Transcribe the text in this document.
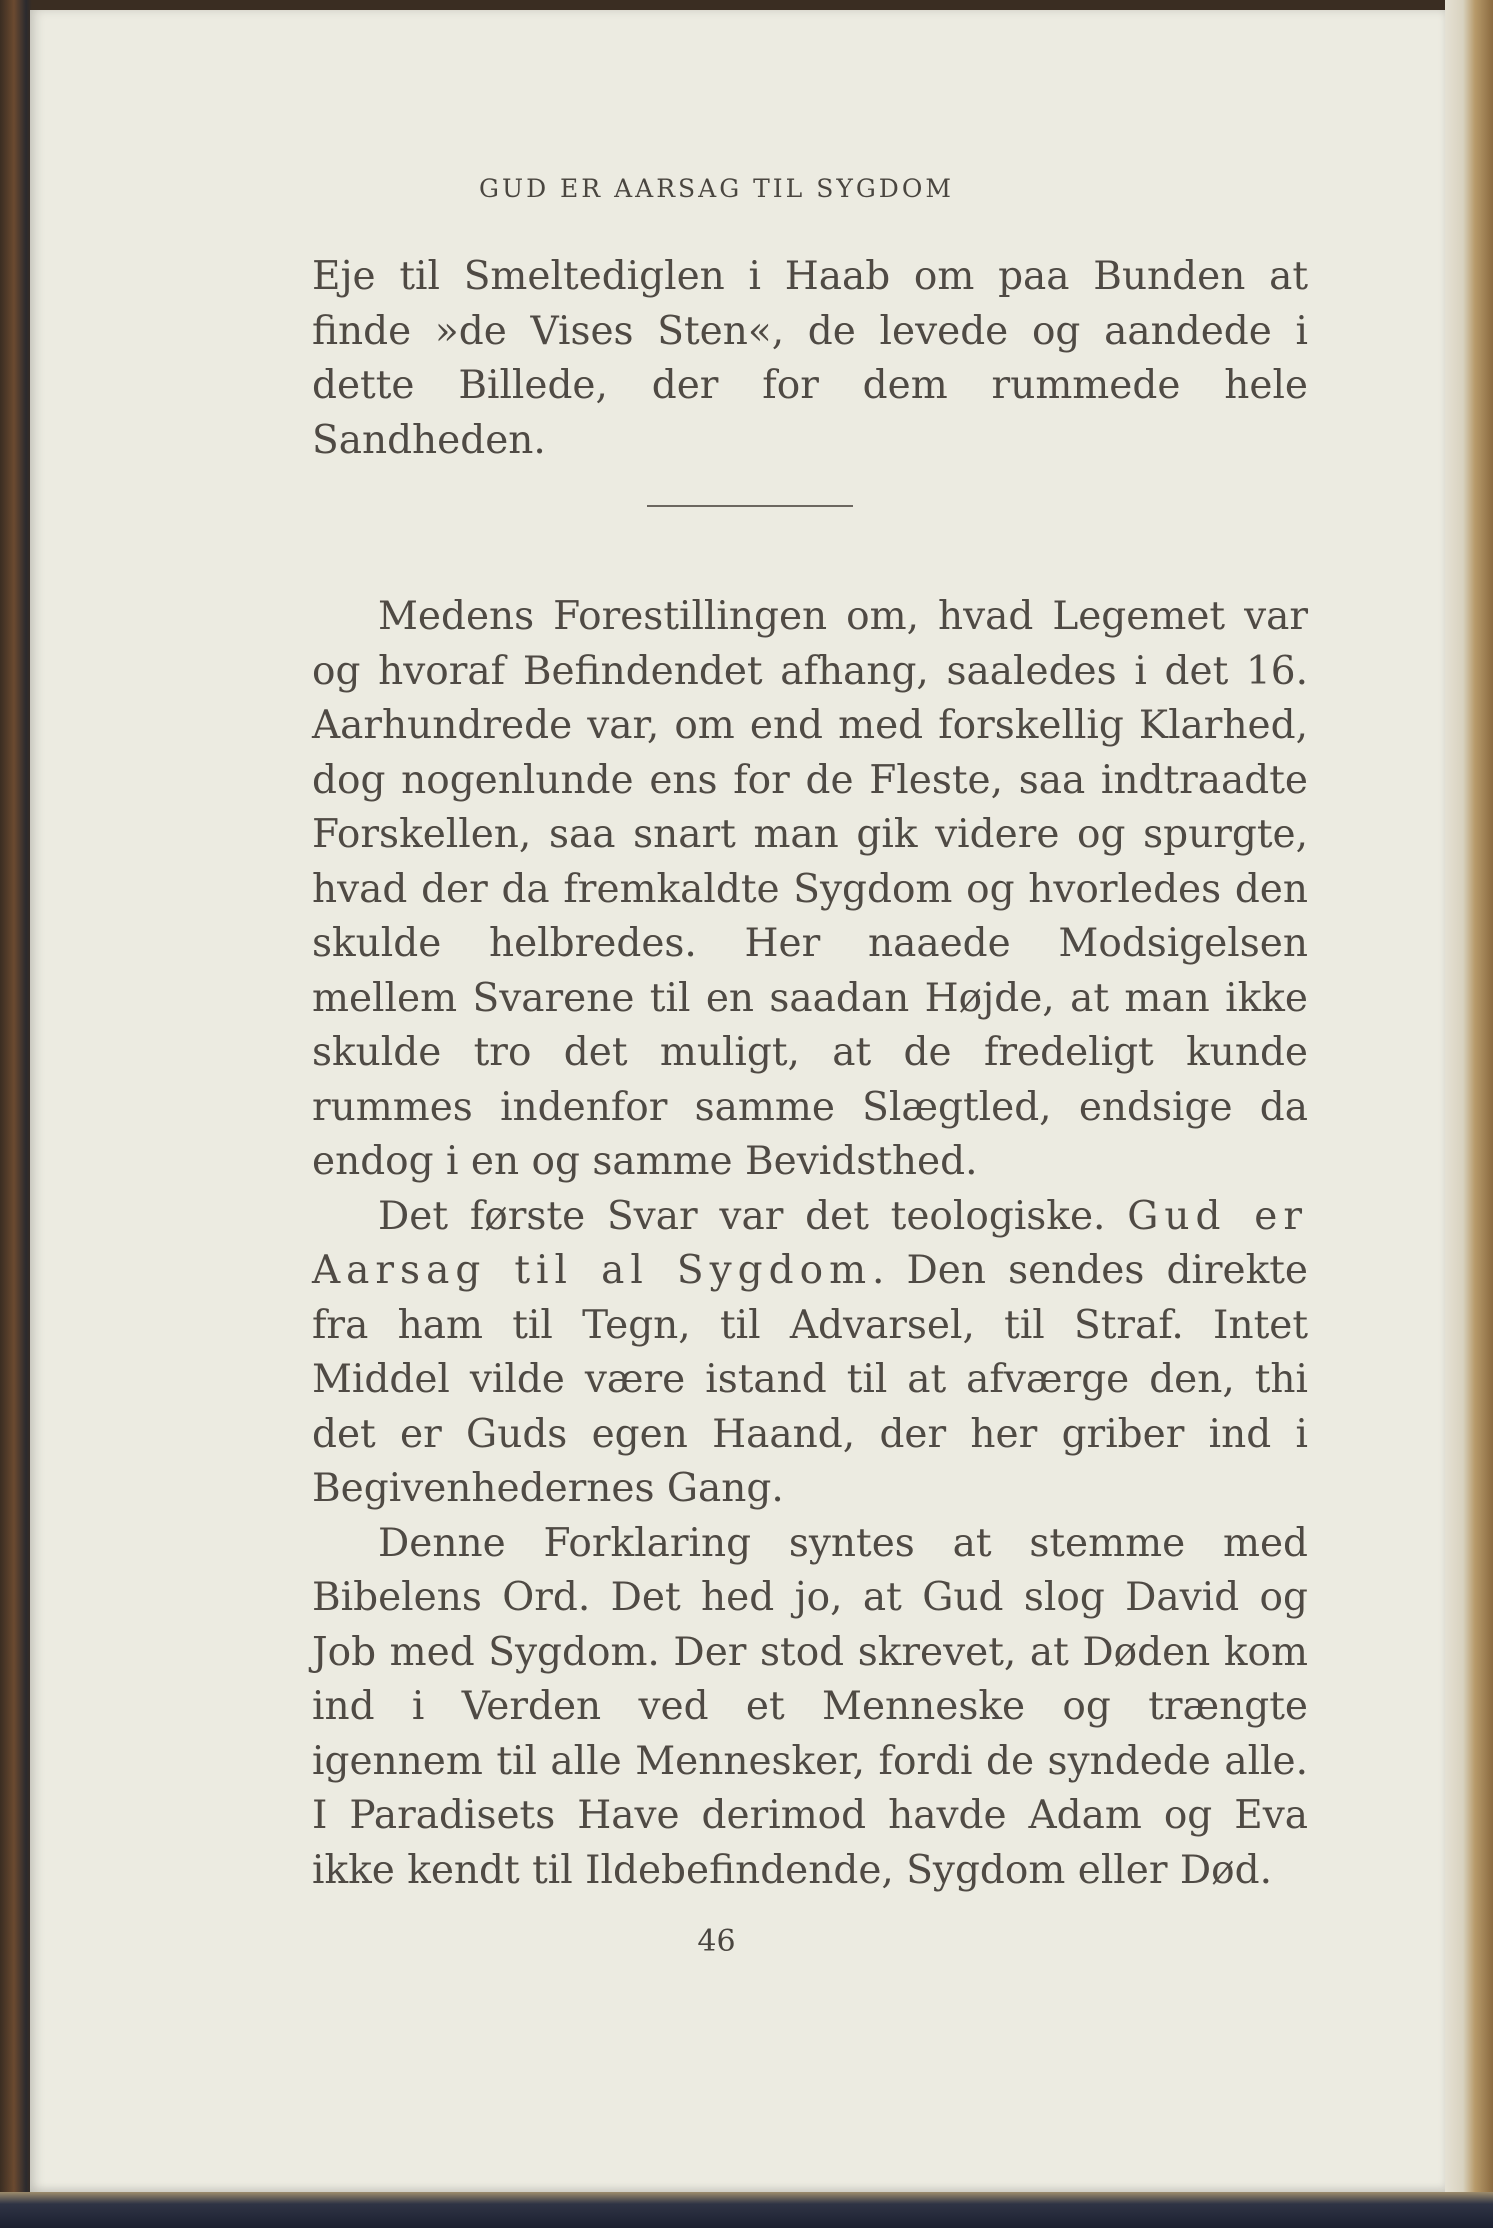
GUD ER AARSAG TIL SYGDOM

Eje til Smeltediglen i Haab om paa Bunden at finde »de Vises Sten«, de levede og aandede i dette Billede, der for dem rummede hele Sandheden.

Medens Forestillingen om, hvad Legemet var og hvoraf Befindendet afhang, saaledes i det 16. Aarhundrede var, om end med forskellig Klarhed, dog nogenlunde ens for de Fleste, saa indtraadte Forskellen, saa snart man gik videre og spurgte, hvad der da fremkaldte Sygdom og hvorledes den skulde helbredes. Her naaede Modsigelsen mellem Svarene til en saadan Højde, at man ikke skulde tro det muligt, at de fredeligt kunde rummes indenfor samme Slægtled, endsige da endog i en og samme Bevidsthed.

Det første Svar var det teologiske. Gud er Aarsag til al Sygdom. Den sendes direkte fra ham til Tegn, til Advarsel, til Straf. Intet Middel vilde være istand til at afværge den, thi det er Guds egen Haand, der her griber ind i Begivenhedernes Gang.

Denne Forklaring syntes at stemme med Bibelens Ord. Det hed jo, at Gud slog David og Job med Sygdom. Der stod skrevet, at Døden kom ind i Verden ved et Menneske og trængte igennem til alle Mennesker, fordi de syndede alle. I Paradisets Have derimod havde Adam og Eva ikke kendt til Ildebefindende, Sygdom eller Død.

46
